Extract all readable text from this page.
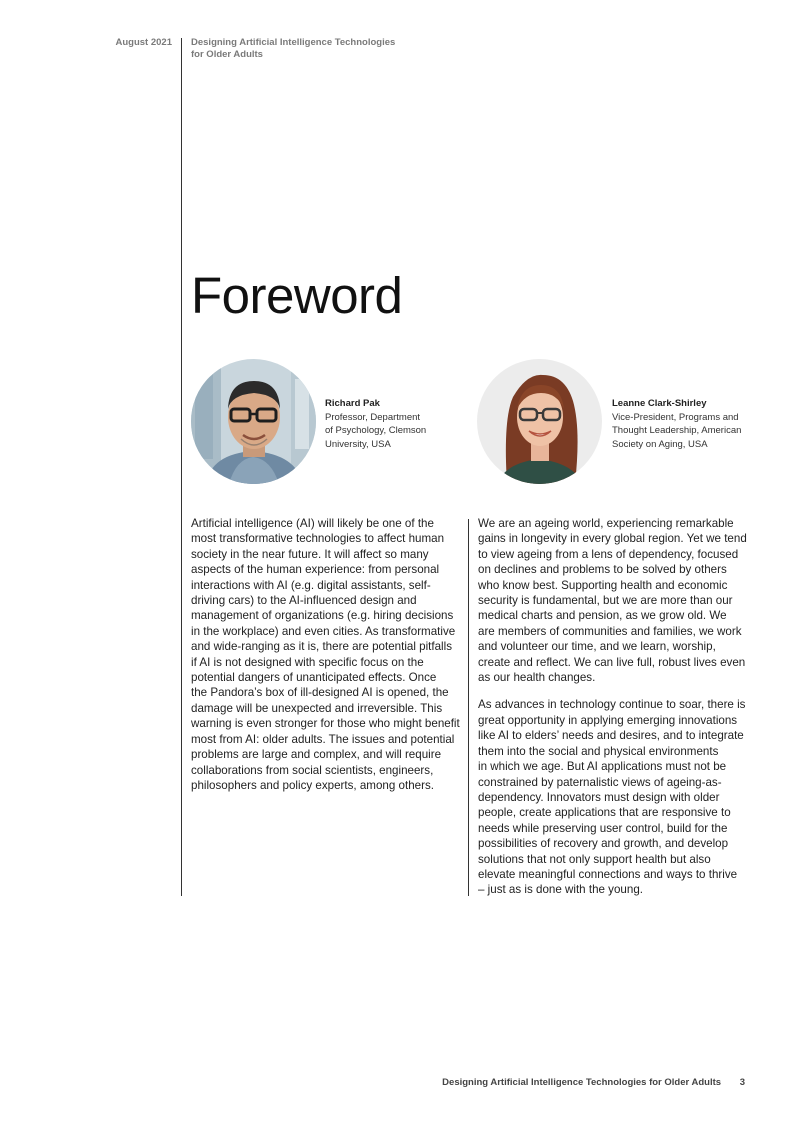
August 2021 Designing Artificial Intelligence Technologies
for Older Adults
Foreword
Richard Pak
Professor, Department
of Psychology, Clemson
University, USA
Leanne Clark-Shirley
Vice-President, Programs and
Thought Leadership, American
Society on Aging, USA

Artificial intelligence (AI) will likely be one of the
most transformative technologies to affect human
society in the near future. It will affect so many
aspects of the human experience: from personal
interactions with AI (e.g. digital assistants, self-
driving cars) to the AI-influenced design and
management of organizations (e.g. hiring decisions
in the workplace) and even cities. As transformative
and wide-ranging as it is, there are potential pitfalls
if AI is not designed with specific focus on the
potential dangers of unanticipated effects. Once
the Pandora’s box of ill-designed AI is opened, the
damage will be unexpected and irreversible. This
warning is even stronger for those who might benefit
most from AI: older adults. The issues and potential
problems are large and complex, and will require
collaborations from social scientists, engineers,
philosophers and policy experts, among others.

We are an ageing world, experiencing remarkable
gains in longevity in every global region. Yet we tend
to view ageing from a lens of dependency, focused
on declines and problems to be solved by others
who know best. Supporting health and economic
security is fundamental, but we are more than our
medical charts and pension, as we grow old. We
are members of communities and families, we work
and volunteer our time, and we learn, worship,
create and reflect. We can live full, robust lives even
as our health changes.

As advances in technology continue to soar, there is
great opportunity in applying emerging innovations
like AI to elders’ needs and desires, and to integrate
them into the social and physical environments
in which we age. But AI applications must not be
constrained by paternalistic views of ageing-as-
dependency. Innovators must design with older
people, create applications that are responsive to
needs while preserving user control, build for the
possibilities of recovery and growth, and develop
solutions that not only support health but also
elevate meaningful connections and ways to thrive
– just as is done with the young.

Designing Artificial Intelligence Technologies for Older Adults 3
